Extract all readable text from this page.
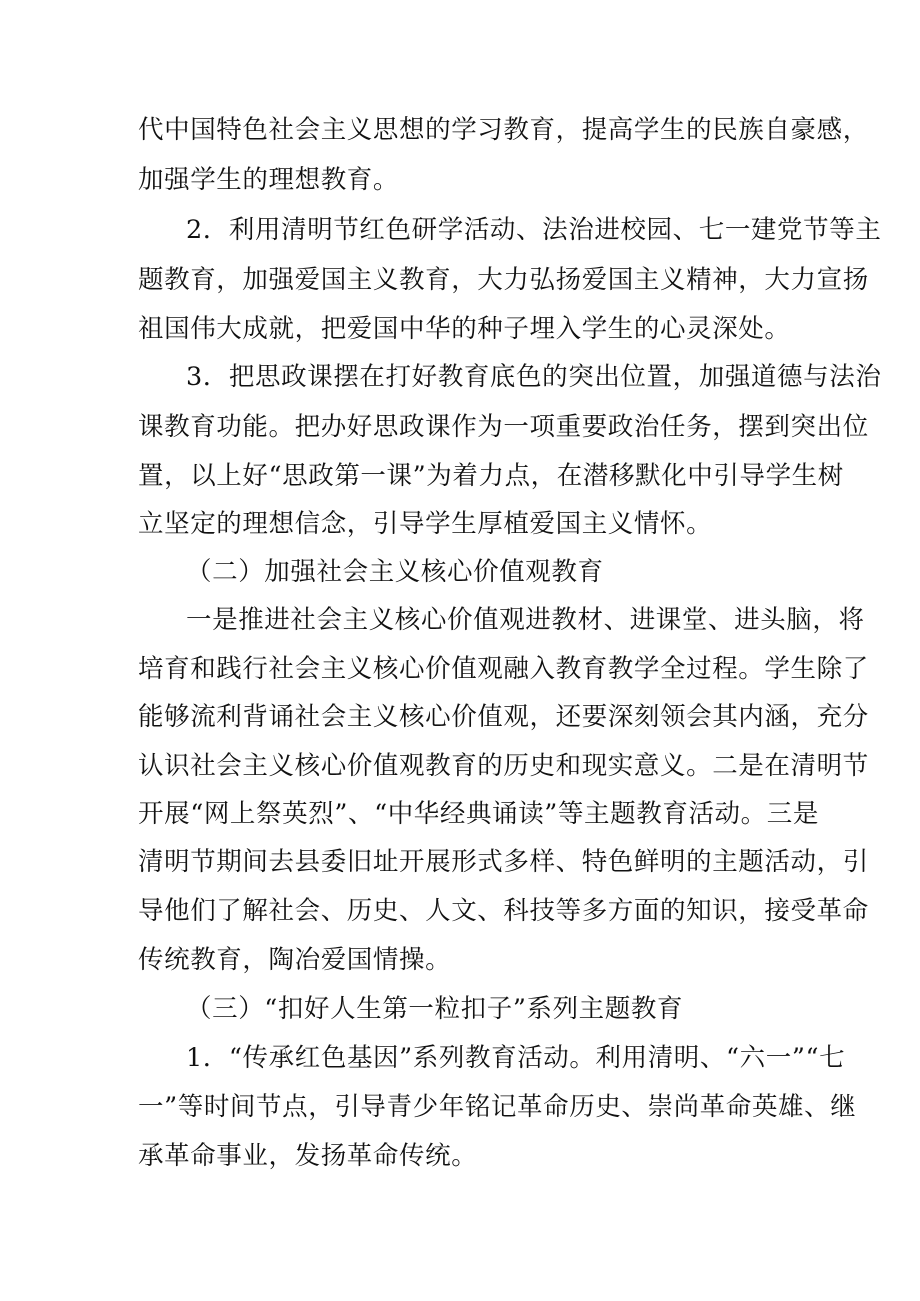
代中国特色社会主义思想的学习教育，提高学生的民族自豪感，
加强学生的理想教育。
2．利用清明节红色研学活动、法治进校园、七一建党节等主
题教育，加强爱国主义教育，大力弘扬爱国主义精神，大力宣扬
祖国伟大成就，把爱国中华的种子埋入学生的心灵深处。
3．把思政课摆在打好教育底色的突出位置，加强道德与法治
课教育功能。把办好思政课作为一项重要政治任务，摆到突出位
置，以上好“思政第一课”为着力点，在潜移默化中引导学生树
立坚定的理想信念，引导学生厚植爱国主义情怀。
（二）加强社会主义核心价值观教育
一是推进社会主义核心价值观进教材、进课堂、进头脑，将
培育和践行社会主义核心价值观融入教育教学全过程。学生除了
能够流利背诵社会主义核心价值观，还要深刻领会其内涵，充分
认识社会主义核心价值观教育的历史和现实意义。二是在清明节
开展“网上祭英烈”、“中华经典诵读”等主题教育活动。三是
清明节期间去县委旧址开展形式多样、特色鲜明的主题活动，引
导他们了解社会、历史、人文、科技等多方面的知识，接受革命
传统教育，陶冶爱国情操。
（三）“扣好人生第一粒扣子”系列主题教育
1．“传承红色基因”系列教育活动。利用清明、“六一”“七
一”等时间节点，引导青少年铭记革命历史、崇尚革命英雄、继
承革命事业，发扬革命传统。
